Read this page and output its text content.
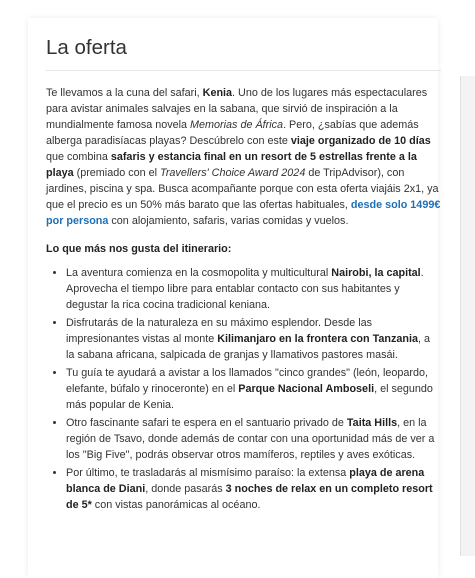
La oferta

Te llevamos a la cuna del safari, Kenia. Uno de los lugares más espectaculares para avistar animales salvajes en la sabana, que sirvió de inspiración a la mundialmente famosa novela Memorias de África. Pero, ¿sabías que además alberga paradisíacas playas? Descúbrelo con este viaje organizado de 10 días que combina safaris y estancia final en un resort de 5 estrellas frente a la playa (premiado con el Travellers' Choice Award 2024 de TripAdvisor), con jardines, piscina y spa. Busca acompañante porque con esta oferta viajáis 2x1, ya que el precio es un 50% más barato que las ofertas habituales, desde solo 1499€ por persona con alojamiento, safaris, varias comidas y vuelos.

Lo que más nos gusta del itinerario:
• La aventura comienza en la cosmopolita y multicultural Nairobi, la capital. Aprovecha el tiempo libre para entablar contacto con sus habitantes y degustar la rica cocina tradicional keniana.
• Disfrutarás de la naturaleza en su máximo esplendor. Desde las impresionantes vistas al monte Kilimanjaro en la frontera con Tanzania, a la sabana africana, salpicada de granjas y llamativos pastores masái.
• Tu guía te ayudará a avistar a los llamados "cinco grandes" (león, leopardo, elefante, búfalo y rinoceronte) en el Parque Nacional Amboseli, el segundo más popular de Kenia.
• Otro fascinante safari te espera en el santuario privado de Taita Hills, en la región de Tsavo, donde además de contar con una oportunidad más de ver a los "Big Five", podrás observar otros mamíferos, reptiles y aves exóticas.
• Por último, te trasladarás al mismísimo paraíso: la extensa playa de arena blanca de Diani, donde pasarás 3 noches de relax en un completo resort de 5* con vistas panorámicas al océano.
